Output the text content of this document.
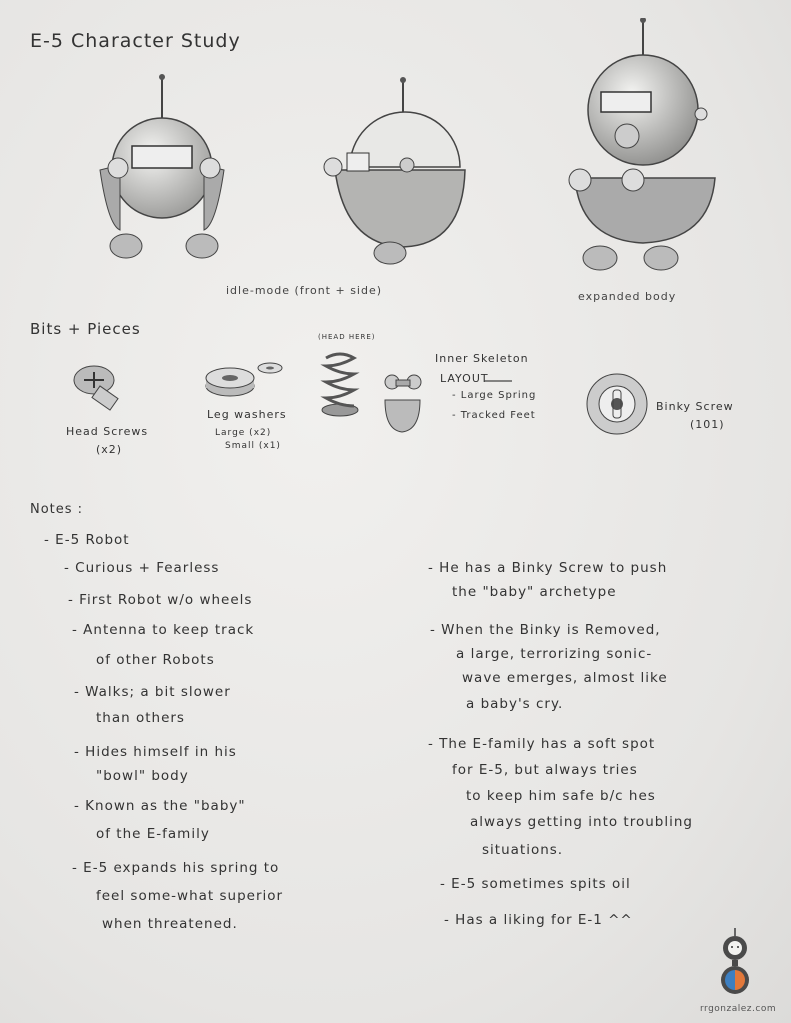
E-5 Character Study
idle-mode (front + side)	expanded body
Bits + Pieces
Head Screws
(x2)
Leg washers
Large (x2)
Small (x1)
(HEAD HERE)
Inner Skeleton
LAYOUT
- Large Spring
- Tracked Feet
Binky Screw
(101)
Notes :
- E-5 Robot
- Curious + Fearless
- First Robot w/o wheels
- Antenna to keep track
of other Robots
- Walks; a bit slower
than others
- Hides himself in his
"bowl" body
- Known as the "baby"
of the E-family
- E-5 expands his spring to
feel some-what superior
when threatened.
- He has a Binky Screw to push
the "baby" archetype
- When the Binky is Removed,
a large, terrorizing sonic-
wave emerges, almost like
a baby's cry.
- The E-family has a soft spot
for E-5, but always tries
to keep him safe b/c hes
always getting into troubling
situations.
- E-5 sometimes spits oil
- Has a liking for E-1 ^^
rrgonzalez.com
